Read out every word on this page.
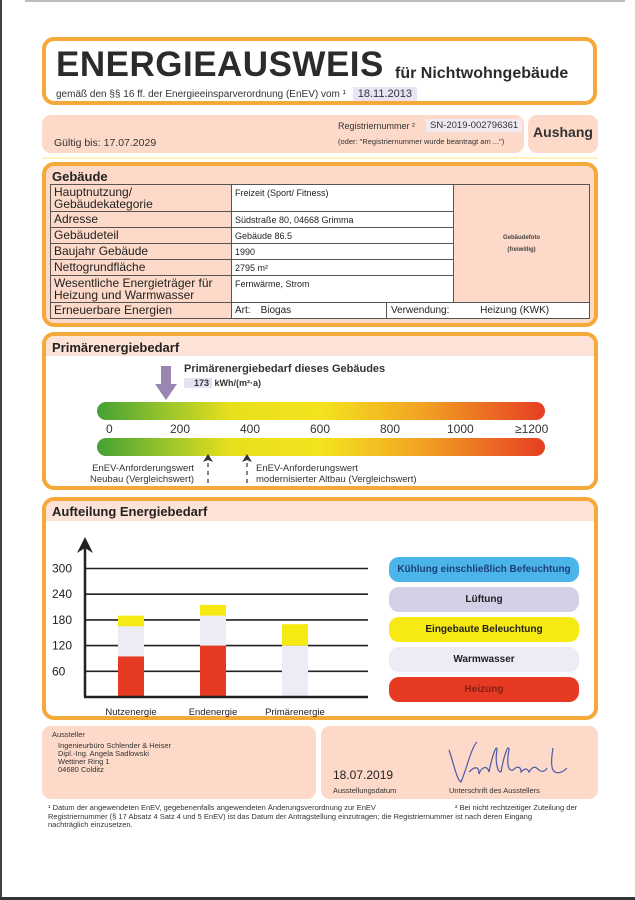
ENERGIEAUSWEIS für Nichtwohngebäude
gemäß den §§ 16 ff. der Energieeinsparverordnung (EnEV) vom ¹ 18.11.2013
Gültig bis: 17.07.2029
Registriernummer ²	SN-2019-002796361
(oder: "Registriernummer wurde beantragt am ...")
Aushang
Gebäude
Hauptnutzung/ Gebäudekategorie	Freizeit (Sport/ Fitness)	Gebäudefoto
(freiwillig)

Adresse	Südstraße 80, 04668 Grimma	
Gebäudeteil	Gebäude 86.5	
Baujahr Gebäude	1990	
Nettogrundfläche	2795 m²	
Wesentliche Energieträger für Heizung und Warmwasser	Fernwärme, Strom	
Erneuerbare Energien	Art: Biogas Verwendung: Heizung (KWK)	
Primärenergiebedarf
Primärenergiebedarf dieses Gebäudes
173 kWh/(m²·a)
0	200	400	600	800	1000	≥1200
EnEV-Anforderungswert
Neubau (Vergleichswert)
EnEV-Anforderungswert
modernisierter Altbau (Vergleichswert)
Aufteilung Energiebedarf
60
120
180
240
300
Nutzenergie	Endenergie	Primärenergie
Kühlung einschließlich Befeuchtung
Lüftung
Eingebaute Beleuchtung
Warmwasser
Heizung
Aussteller
Ingenieurbüro Schlender & Heiser
Dipl.-Ing. Angela Sadlowski
Wettiner Ring 1
04680 Colditz	18.07.2019
Ausstellungsdatum	Unterschrift des Ausstellers
¹ Datum der angewendeten EnEV, gegebenenfalls angewendeten Änderungsverordnung zur EnEV	² Bei nicht rechtzeitiger Zuteilung der
Registriernummer (§ 17 Absatz 4 Satz 4 und 5 EnEV) ist das Datum der Antragstellung einzutragen; die Registriernummer ist nach deren Eingang
nachträglich einzusetzen.
